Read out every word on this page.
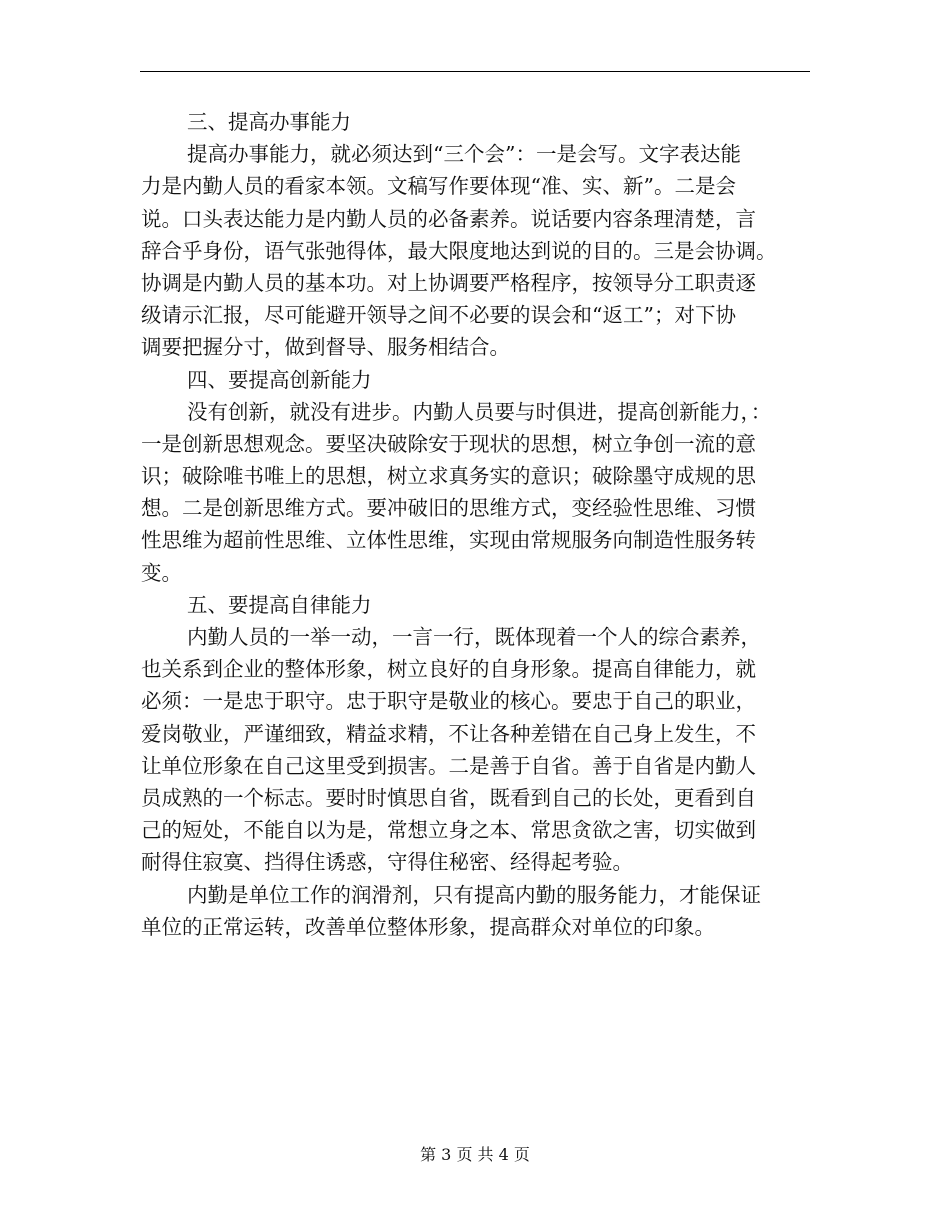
三、提高办事能力
提高办事能力，就必须达到“三个会”：一是会写。文字表达能
力是内勤人员的看家本领。文稿写作要体现“准、实、新”。二是会
说。口头表达能力是内勤人员的必备素养。说话要内容条理清楚，言
辞合乎身份，语气张弛得体，最大限度地达到说的目的。三是会协调。
协调是内勤人员的基本功。对上协调要严格程序，按领导分工职责逐
级请示汇报，尽可能避开领导之间不必要的误会和“返工”；对下协
调要把握分寸，做到督导、服务相结合。
四、要提高创新能力
没有创新，就没有进步。内勤人员要与时俱进，提高创新能力，：
一是创新思想观念。要坚决破除安于现状的思想，树立争创一流的意
识；破除唯书唯上的思想，树立求真务实的意识；破除墨守成规的思
想。二是创新思维方式。要冲破旧的思维方式，变经验性思维、习惯
性思维为超前性思维、立体性思维，实现由常规服务向制造性服务转
变。
五、要提高自律能力
内勤人员的一举一动，一言一行，既体现着一个人的综合素养，
也关系到企业的整体形象，树立良好的自身形象。提高自律能力，就
必须：一是忠于职守。忠于职守是敬业的核心。要忠于自己的职业，
爱岗敬业，严谨细致，精益求精，不让各种差错在自己身上发生，不
让单位形象在自己这里受到损害。二是善于自省。善于自省是内勤人
员成熟的一个标志。要时时慎思自省，既看到自己的长处，更看到自
己的短处，不能自以为是，常想立身之本、常思贪欲之害，切实做到
耐得住寂寞、挡得住诱惑，守得住秘密、经得起考验。
内勤是单位工作的润滑剂，只有提高内勤的服务能力，才能保证
单位的正常运转，改善单位整体形象，提高群众对单位的印象。
第 3 页 共 4 页
